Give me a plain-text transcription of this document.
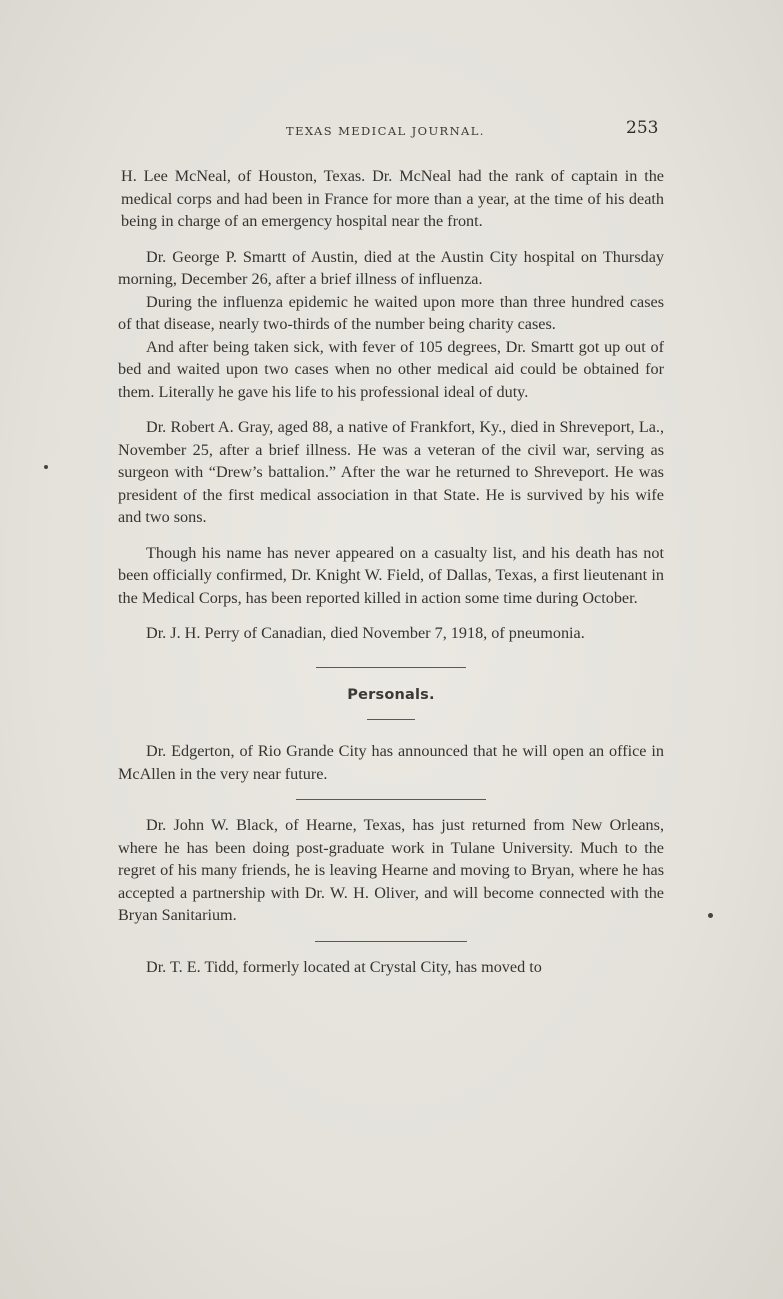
TEXAS MEDICAL JOURNAL.	253

H. Lee McNeal, of Houston, Texas. Dr. McNeal had the rank of captain in the medical corps and had been in France for more than a year, at the time of his death being in charge of an emergency hospital near the front.

Dr. George P. Smartt of Austin, died at the Austin City hospital on Thursday morning, December 26, after a brief illness of influenza.

During the influenza epidemic he waited upon more than three hundred cases of that disease, nearly two-thirds of the number being charity cases.

And after being taken sick, with fever of 105 degrees, Dr. Smartt got up out of bed and waited upon two cases when no other medical aid could be obtained for them. Literally he gave his life to his professional ideal of duty.

Dr. Robert A. Gray, aged 88, a native of Frankfort, Ky., died in Shreveport, La., November 25, after a brief illness. He was a veteran of the civil war, serving as surgeon with “Drew’s battalion.” After the war he returned to Shreveport. He was president of the first medical association in that State. He is survived by his wife and two sons.

Though his name has never appeared on a casualty list, and his death has not been officially confirmed, Dr. Knight W. Field, of Dallas, Texas, a first lieutenant in the Medical Corps, has been reported killed in action some time during October.

Dr. J. H. Perry of Canadian, died November 7, 1918, of pneumonia.

Personals.

Dr. Edgerton, of Rio Grande City has announced that he will open an office in McAllen in the very near future.

Dr. John W. Black, of Hearne, Texas, has just returned from New Orleans, where he has been doing post-graduate work in Tulane University. Much to the regret of his many friends, he is leaving Hearne and moving to Bryan, where he has accepted a partnership with Dr. W. H. Oliver, and will become connected with the Bryan Sanitarium.

Dr. T. E. Tidd, formerly located at Crystal City, has moved to
